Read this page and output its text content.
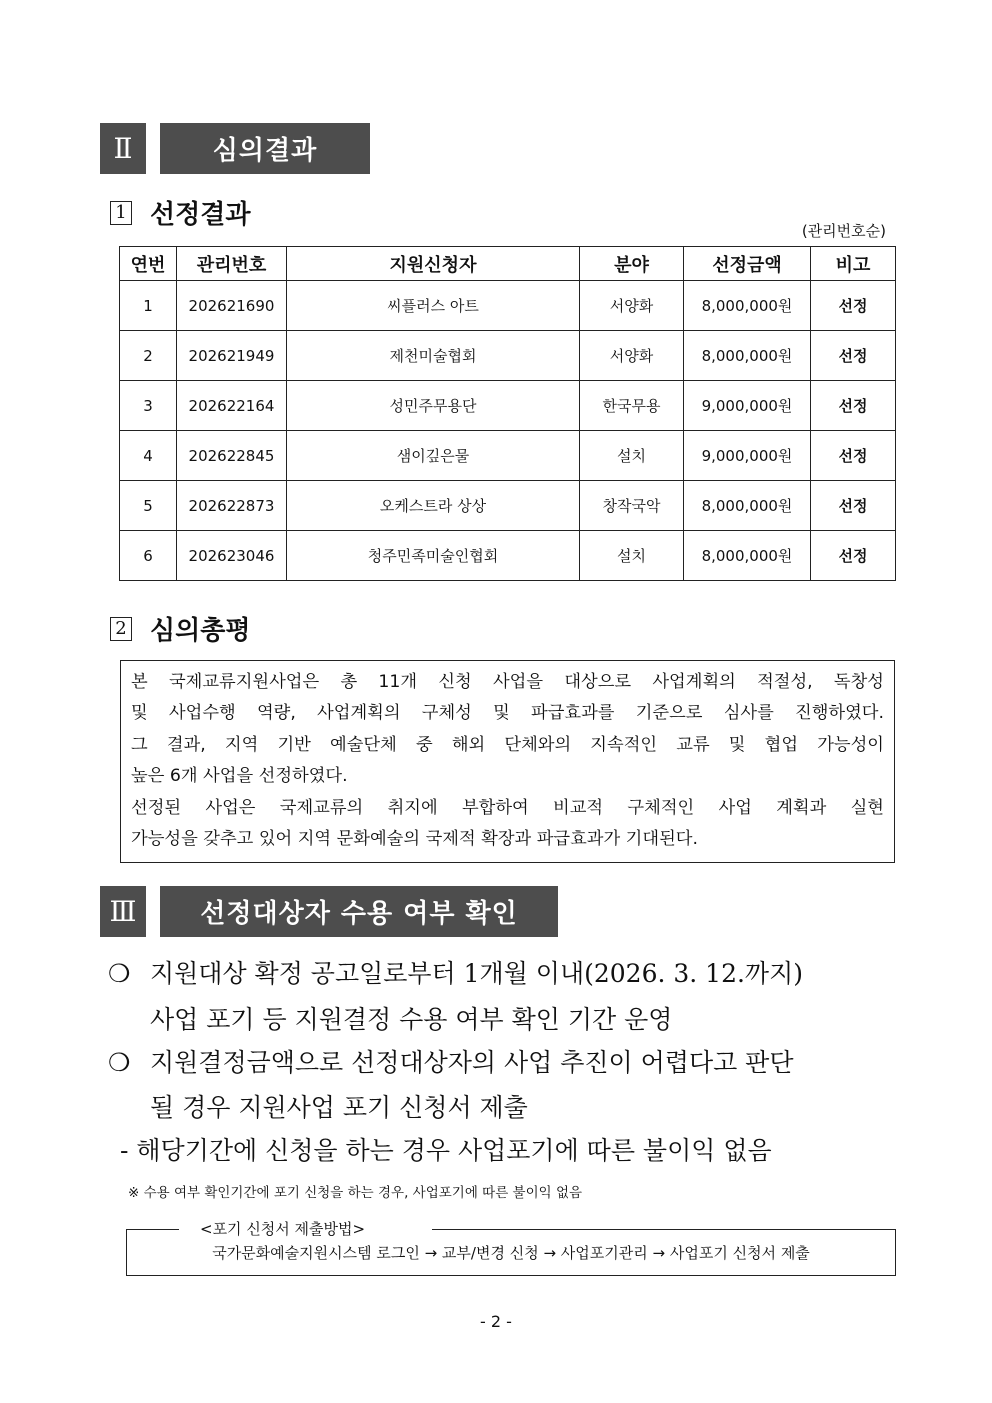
Ⅱ	심의결과
1 선정결과
(관리번호순)
연번	관리번호	지원신청자	분야	선정금액	비고
1	202621690	씨플러스 아트	서양화	8,000,000원	선정
2	202621949	제천미술협회	서양화	8,000,000원	선정
3	202622164	성민주무용단	한국무용	9,000,000원	선정
4	202622845	샘이깊은물	설치	9,000,000원	선정
5	202622873	오케스트라 상상	창작국악	8,000,000원	선정
6	202623046	청주민족미술인협회	설치	8,000,000원	선정
2 심의총평

본 국제교류지원사업은 총 11개 신청 사업을 대상으로 사업계획의 적절성, 독창성

및 사업수행 역량, 사업계획의 구체성 및 파급효과를 기준으로 심사를 진행하였다.

그 결과, 지역 기반 예술단체 중 해외 단체와의 지속적인 교류 및 협업 가능성이

높은 6개 사업을 선정하였다.

선정된 사업은 국제교류의 취지에 부합하여 비교적 구체적인 사업 계획과 실현

가능성을 갖추고 있어 지역 문화예술의 국제적 확장과 파급효과가 기대된다.

Ⅲ	선정대상자 수용 여부 확인
❍ 지원대상 확정 공고일로부터 1개월 이내(2026. 3. 12.까지)
사업 포기 등 지원결정 수용 여부 확인 기간 운영
❍ 지원결정금액으로 선정대상자의 사업 추진이 어렵다고 판단
될 경우 지원사업 포기 신청서 제출
- 해당기간에 신청을 하는 경우 사업포기에 따른 불이익 없음
※ 수용 여부 확인기간에 포기 신청을 하는 경우, 사업포기에 따른 불이익 없음
<포기 신청서 제출방법>
국가문화예술지원시스템 로그인 → 교부/변경 신청 → 사업포기관리 → 사업포기 신청서 제출
- 2 -
